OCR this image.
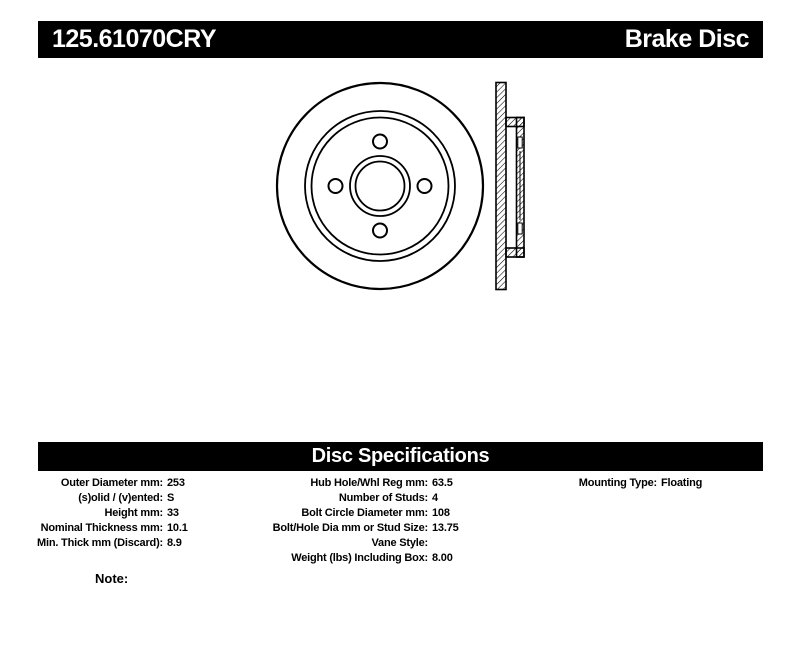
125.61070CRY	Brake Disc
Disc Specifications
Outer Diameter mm: 253
(s)olid / (v)ented: S
Height mm: 33
Nominal Thickness mm: 10.1
Min. Thick mm (Discard): 8.9
Hub Hole/Whl Reg mm: 63.5
Number of Studs: 4
Bolt Circle Diameter mm: 108
Bolt/Hole Dia mm or Stud Size: 13.75
Vane Style:
Weight (lbs) Including Box: 8.00
Mounting Type: Floating
Note:
